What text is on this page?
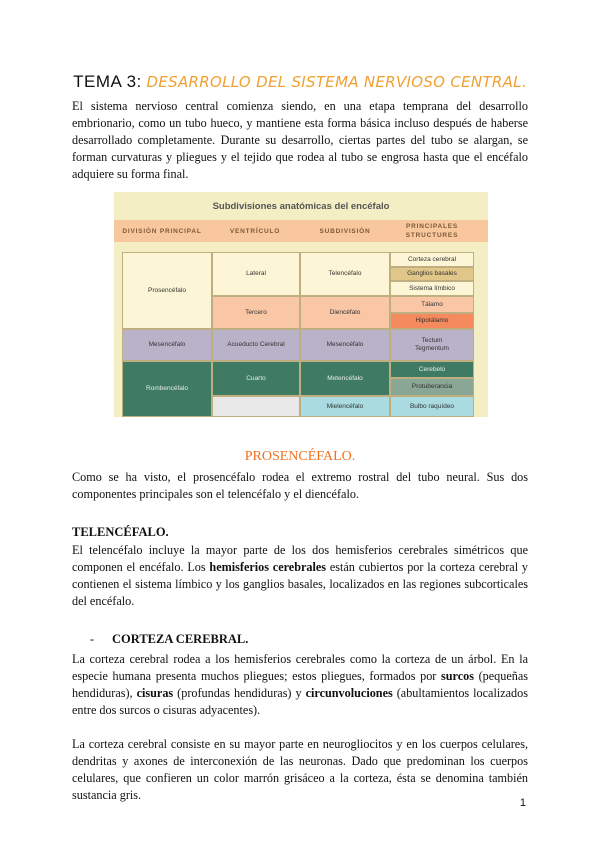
TEMA 3: DESARROLLO DEL SISTEMA NERVIOSO CENTRAL.

El sistema nervioso central comienza siendo, en una etapa temprana del desarrollo embrionario, como un tubo hueco, y mantiene esta forma básica incluso después de haberse desarrollado completamente. Durante su desarrollo, ciertas partes del tubo se alargan, se forman curvaturas y pliegues y el tejido que rodea al tubo se engrosa hasta que el encéfalo adquiere su forma final.

Subdivisiones anatómicas del encéfalo
DIVISIÓN PRINCIPAL	VENTRÍCULO	SUBDIVISIÓN
PRINCIPALES STRUCTURES
Prosencéfalo
Mesencéfalo
Rombencéfalo
Lateral
Tercero
Acueducto Cerebral
Cuarto
Telencéfalo
Diencéfalo
Mesencéfalo
Metencéfalo
Mielencéfalo
Corteza cerebral
Ganglios basales
Sistema límbico
Tálamo
Hipotálamo
Tectum Tegmentum
Cerebelo
Protuberancia
Bulbo raquídeo
PROSENCÉFALO.

Como se ha visto, el prosencéfalo rodea el extremo rostral del tubo neural. Sus dos componentes principales son el telencéfalo y el diencéfalo.

TELENCÉFALO.

El telencéfalo incluye la mayor parte de los dos hemisferios cerebrales simétricos que componen el encéfalo. Los hemisferios cerebrales están cubiertos por la corteza cerebral y contienen el sistema límbico y los ganglios basales, localizados en las regiones subcorticales del encéfalo.

- CORTEZA CEREBRAL.

La corteza cerebral rodea a los hemisferios cerebrales como la corteza de un árbol. En la especie humana presenta muchos pliegues; estos pliegues, formados por surcos (pequeñas hendiduras), cisuras (profundas hendiduras) y circunvoluciones (abultamientos localizados entre dos surcos o cisuras adyacentes).

La corteza cerebral consiste en su mayor parte en neurogliocitos y en los cuerpos celulares, dendritas y axones de interconexión de las neuronas. Dado que predominan los cuerpos celulares, que confieren un color marrón grisáceo a la corteza, ésta se denomina también sustancia gris.

1
